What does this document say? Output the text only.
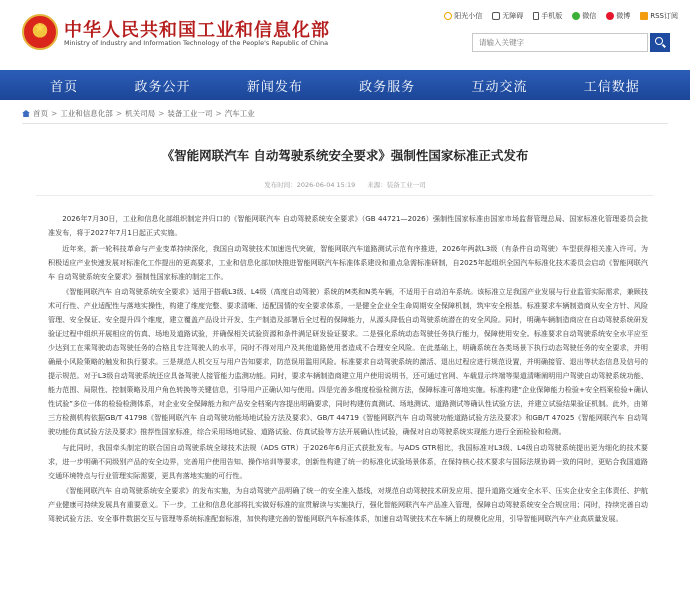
★
中华人民共和国工业和信息化部
Ministry of Industry and Information Technology of the People's Republic of China
阳光小信	无障碍	手机版	微信	微博	RSS订阅
请输入关键字
首页	政务公开	新闻发布	政务服务	互动交流	工信数据
首页 > 工业和信息化部 > 机关司局 > 装备工业一司 > 汽车工业
《智能网联汽车 自动驾驶系统安全要求》强制性国家标准正式发布
发布时间：2026-06-04 15:19 来源：装备工业一司

2026年7月30日，工业和信息化部组织制定并归口的《智能网联汽车 自动驾驶系统安全要求》（GB 44721—2026）强制性国家标准由国家市场监督管理总局、国家标准化管理委员会批准发布，将于2027年7月1日起正式实施。

近年来，新一轮科技革命与产业变革持续深化，我国自动驾驶技术加速迭代突破，智能网联汽车道路测试示范有序推进，2026年两款L3级（有条件自动驾驶）车型获得相关准入许可。为积极适应产业快速发展对标准化工作提出的更高要求，工业和信息化部加快推进智能网联汽车标准体系建设和重点急需标准研制，自2025年起组织全国汽车标准化技术委员会启动《智能网联汽车 自动驾驶系统安全要求》强制性国家标准的制定工作。

《智能网联汽车 自动驾驶系统安全要求》适用于搭载L3级、L4级（高度自动驾驶）系统的M类和N类车辆，不适用于自动泊车系统。该标准立足我国产业发展与行业监管实际需求，兼顾技术可行性、产业适配性与落地实操性，构建了维度完整、要求清晰、适配国情的安全要求体系，一是健全企业全生命周期安全保障机制，筑牢安全根基。标准要求车辆制造商从安全方针、风险管理、安全保证、安全提升四个维度，建立覆盖产品设计开发、生产制造及部署后全过程的保障能力，从源头降低自动驾驶系统潜在的安全风险。同时，明确车辆制造商应在自动驾驶系统研发验证过程中组织开展相应的仿真、场地及道路试验，并确保相关试验资源和条件满足研发验证要求。二是强化系统动态驾驶任务执行能力，保障使用安全。标准要求自动驾驶系统安全水平应至少达到工在乘驾驶动态驾驶任务的合格且专注驾驶人的水平，同时不得对用户及其他道路使用者造成不合理安全风险。在此基础上，明确系统在各类场景下执行动态驾驶任务的安全要求，并明确最小风险策略的触发和执行要求。三是规范人机交互与用户告知要求，防范误用滥用风险。标准要求自动驾驶系统的激活、退出过程应进行规范设置，并明确接管、退出等状态信息及信号的提示规范。对于L3级自动驾驶系统还应具备驾驶人接管能力监测功能。同时，要求车辆制造商建立用户使用说明书，还可通过官网、车载显示终端等渠道清晰阐明用户驾驶自动驾驶系统功能、能力范围、局限性、控制策略及用户角色转换等关键信息，引导用户正确认知与使用。四是完善多维度检验检测方法，保障标准可落地实施。标准构建“企业保障能力检验+安全档案检验+确认性试验”多位一体的检验检测体系，对企业安全保障能力和产品安全档案内容提出明确要求，同时构建仿真测试、场地测试、道路测试等确认性试验方法，并建立试验结果验证机制。此外，由第三方检测机构依据GB/T 41798《智能网联汽车 自动驾驶功能场地试验方法及要求》、GB/T 44719《智能网联汽车 自动驾驶功能道路试验方法及要求》和GB/T 47025《智能网联汽车 自动驾驶功能仿真试验方法及要求》推荐性国家标准，综合采用场地试验、道路试验、仿真试验等方法开展确认性试验，确保对自动驾驶系统实现能力进行全面检验和检测。

与此同时，我国牵头制定的联合国自动驾驶系统全球技术法规（ADS GTR）于2026年6月正式获批发布。与ADS GTR相比，我国标准对L3级、L4级自动驾驶系统提出更为细化的技术要求，进一步明确不同级别产品的安全边界，完善用户使用告知、操作培训等要求，创新性构建了统一的标准化试验场景体系，在保持核心技术要求与国际法规协调一致的同时，更贴合我国道路交通环境特点与行业管理实际需要，更具有落地实施的可行性。

《智能网联汽车 自动驾驶系统安全要求》的发布实施，为自动驾驶产品明确了统一的安全准入基线，对规范自动驾驶技术研发应用、提升道路交通安全水平、压实企业安全主体责任、护航产业健康可持续发展具有重要意义。下一步，工业和信息化部将扎实做好标准的宣贯解读与实施执行，强化智能网联汽车产品准入管理，保障自动驾驶系统安全合规应用；同时，持续完善自动驾驶试验方法、安全事件数据交互与管理等系统标准配套标准，加快构建完善的智能网联汽车标准体系，加速自动驾驶技术在车辆上的规模化应用，引导智能网联汽车产业高质量发展。
